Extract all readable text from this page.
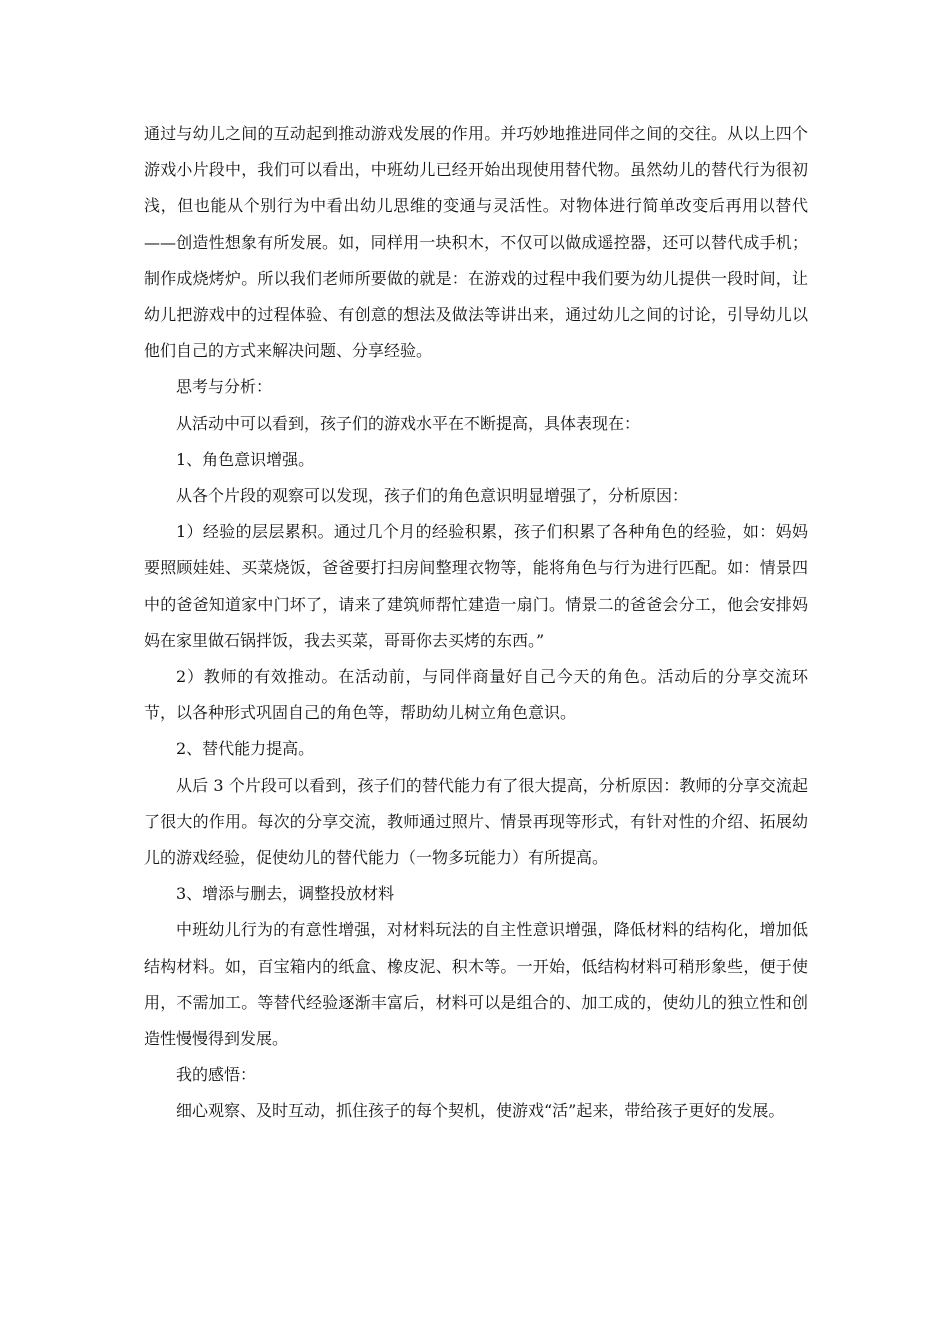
通过与幼儿之间的互动起到推动游戏发展的作用。并巧妙地推进同伴之间的交往。从以上四个游戏小片段中，我们可以看出，中班幼儿已经开始出现使用替代物。虽然幼儿的替代行为很初浅，但也能从个别行为中看出幼儿思维的变通与灵活性。对物体进行简单改变后再用以替代——创造性想象有所发展。如，同样用一块积木，不仅可以做成遥控器，还可以替代成手机；制作成烧烤炉。所以我们老师所要做的就是：在游戏的过程中我们要为幼儿提供一段时间，让幼儿把游戏中的过程体验、有创意的想法及做法等讲出来，通过幼儿之间的讨论，引导幼儿以他们自己的方式来解决问题、分享经验。

思考与分析：

从活动中可以看到，孩子们的游戏水平在不断提高，具体表现在：

1、角色意识增强。

从各个片段的观察可以发现，孩子们的角色意识明显增强了，分析原因：

1）经验的层层累积。通过几个月的经验积累，孩子们积累了各种角色的经验，如：妈妈要照顾娃娃、买菜烧饭，爸爸要打扫房间整理衣物等，能将角色与行为进行匹配。如：情景四中的爸爸知道家中门坏了，请来了建筑师帮忙建造一扇门。情景二的爸爸会分工，他会安排妈妈在家里做石锅拌饭，我去买菜，哥哥你去买烤的东西。”

2）教师的有效推动。在活动前，与同伴商量好自己今天的角色。活动后的分享交流环节，以各种形式巩固自己的角色等，帮助幼儿树立角色意识。

2、替代能力提高。

从后 3 个片段可以看到，孩子们的替代能力有了很大提高，分析原因：教师的分享交流起了很大的作用。每次的分享交流，教师通过照片、情景再现等形式，有针对性的介绍、拓展幼儿的游戏经验，促使幼儿的替代能力（一物多玩能力）有所提高。

3、增添与删去，调整投放材料

中班幼儿行为的有意性增强，对材料玩法的自主性意识增强，降低材料的结构化，增加低结构材料。如，百宝箱内的纸盒、橡皮泥、积木等。一开始，低结构材料可稍形象些，便于使用，不需加工。等替代经验逐渐丰富后，材料可以是组合的、加工成的，使幼儿的独立性和创造性慢慢得到发展。

我的感悟：

细心观察、及时互动，抓住孩子的每个契机，使游戏“活”起来，带给孩子更好的发展。
